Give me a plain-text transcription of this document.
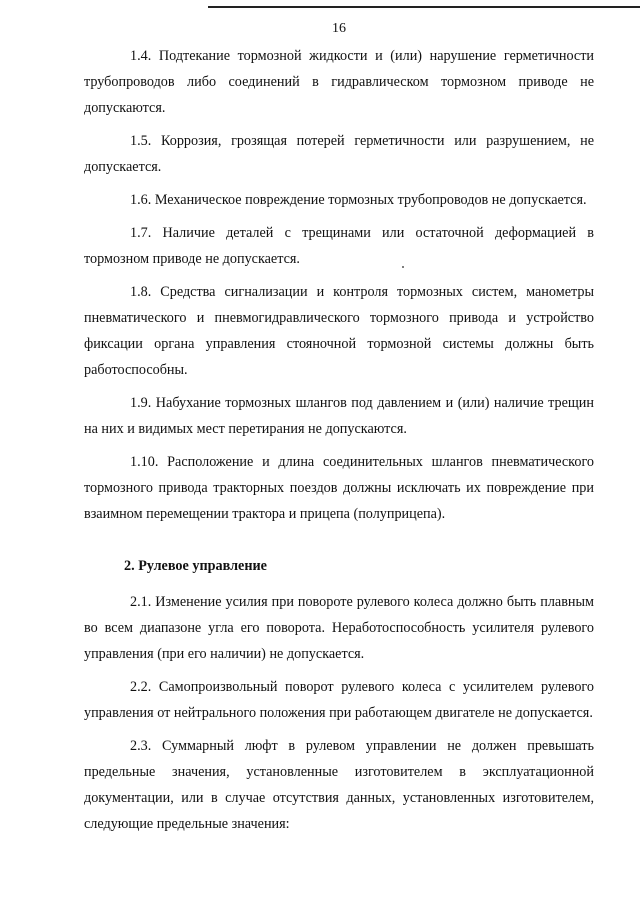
16

1.4. Подтекание тормозной жидкости и (или) нарушение герметичности трубопроводов либо соединений в гидравлическом тормозном приводе не допускаются.

1.5. Коррозия, грозящая потерей герметичности или разрушением, не допускается.

1.6. Механическое повреждение тормозных трубопроводов не допускается.

1.7. Наличие деталей с трещинами или остаточной деформацией в тормозном приводе не допускается.

1.8. Средства сигнализации и контроля тормозных систем, манометры пневматического и пневмогидравлического тормозного привода и устройство фиксации органа управления стояночной тормозной системы должны быть работоспособны.

1.9. Набухание тормозных шлангов под давлением и (или) наличие трещин на них и видимых мест перетирания не допускаются.

1.10. Расположение и длина соединительных шлангов пневматического тормозного привода тракторных поездов должны исключать их повреждение при взаимном перемещении трактора и прицепа (полуприцепа).

2. Рулевое управление

2.1. Изменение усилия при повороте рулевого колеса должно быть плавным во всем диапазоне угла его поворота. Неработоспособность усилителя рулевого управления (при его наличии) не допускается.

2.2. Самопроизвольный поворот рулевого колеса с усилителем рулевого управления от нейтрального положения при работающем двигателе не допускается.

2.3. Суммарный люфт в рулевом управлении не должен превышать предельные значения, установленные изготовителем в эксплуатационной документации, или в случае отсутствия данных, установленных изготовителем, следующие предельные значения:
